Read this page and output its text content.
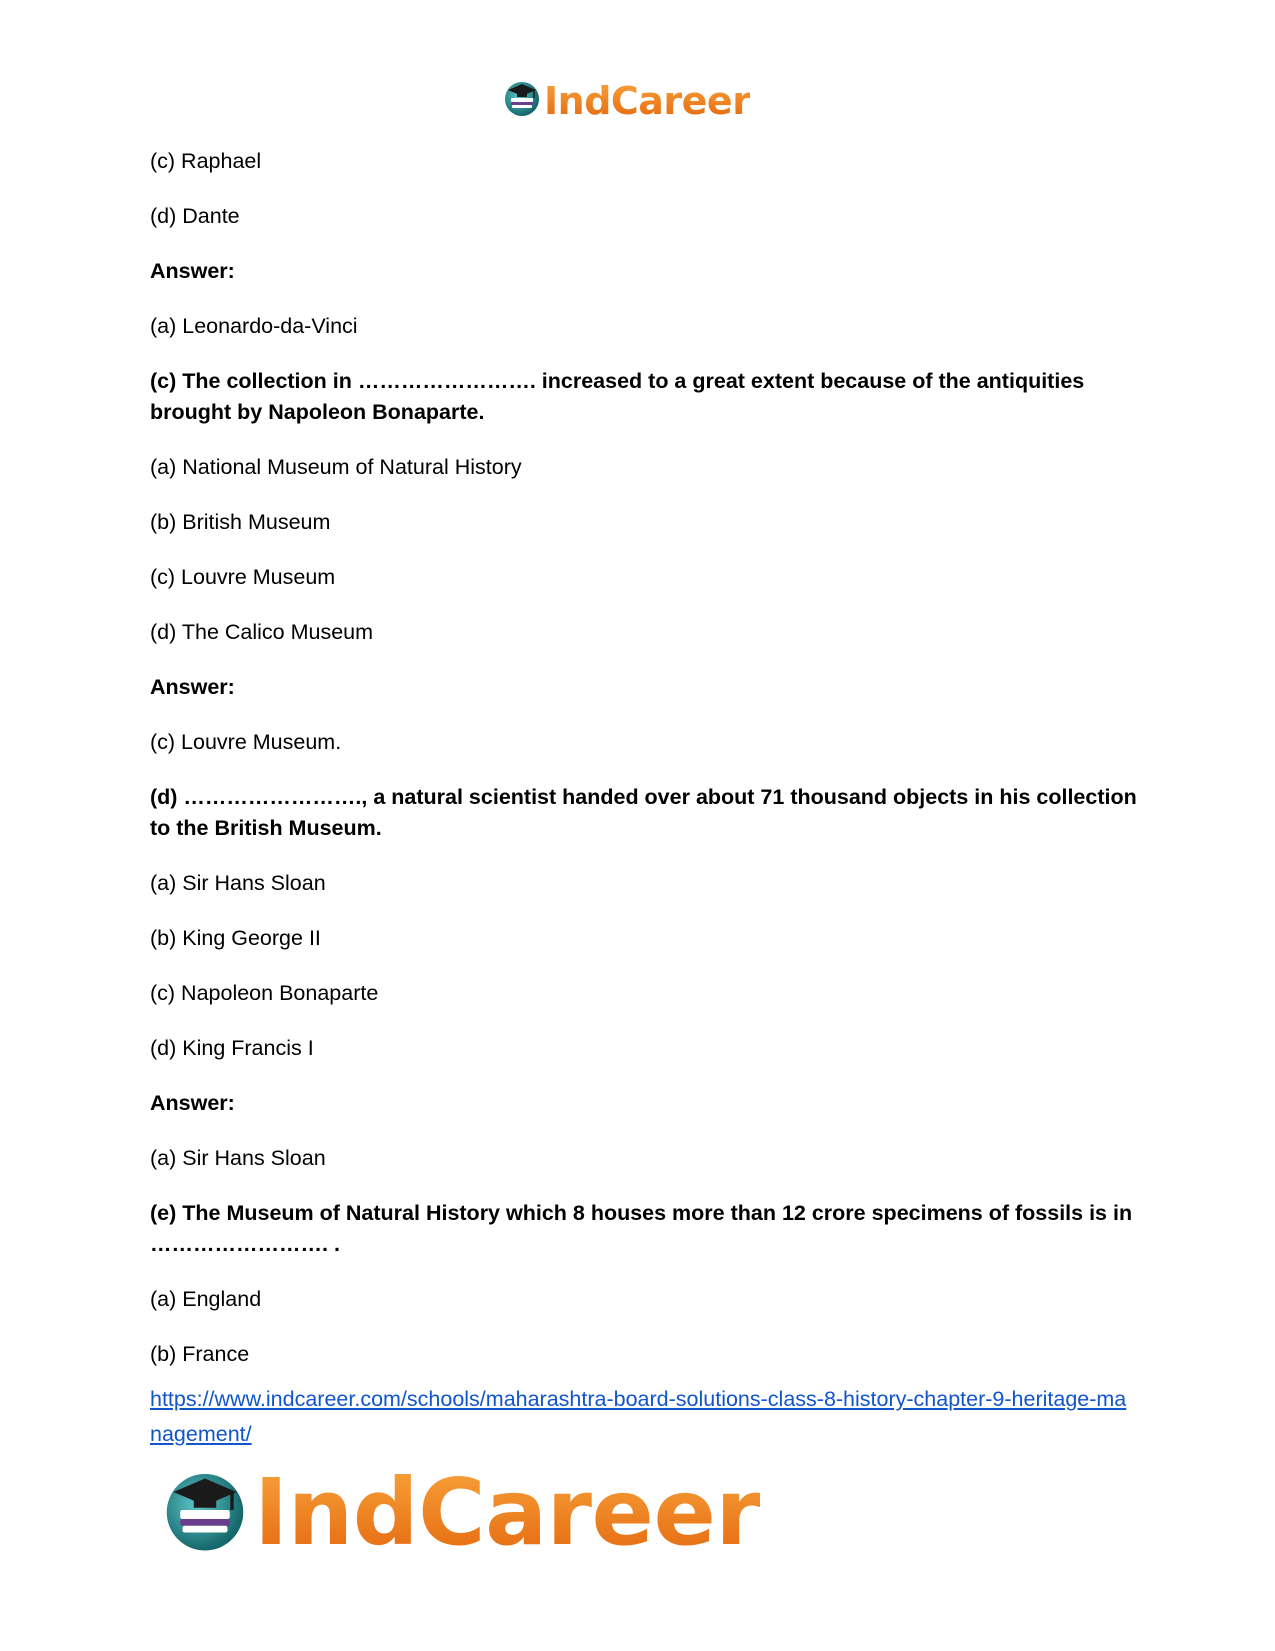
IndCareer

(c) Raphael

(d) Dante

Answer:

(a) Leonardo-da-Vinci

(c) The collection in ……………………. increased to a great extent because of the antiquities brought by Napoleon Bonaparte.

(a) National Museum of Natural History

(b) British Museum

(c) Louvre Museum

(d) The Calico Museum

Answer:

(c) Louvre Museum.

(d) ……………………., a natural scientist handed over about 71 thousand objects in his collection to the British Museum.

(a) Sir Hans Sloan

(b) King George II

(c) Napoleon Bonaparte

(d) King Francis I

Answer:

(a) Sir Hans Sloan

(e) The Museum of Natural History which 8 houses more than 12 crore specimens of fossils is in ……………………. .

(a) England

(b) France

https://www.indcareer.com/schools/maharashtra-board-solutions-class-8-history-chapter-9-heritage-management/
IndCareer
